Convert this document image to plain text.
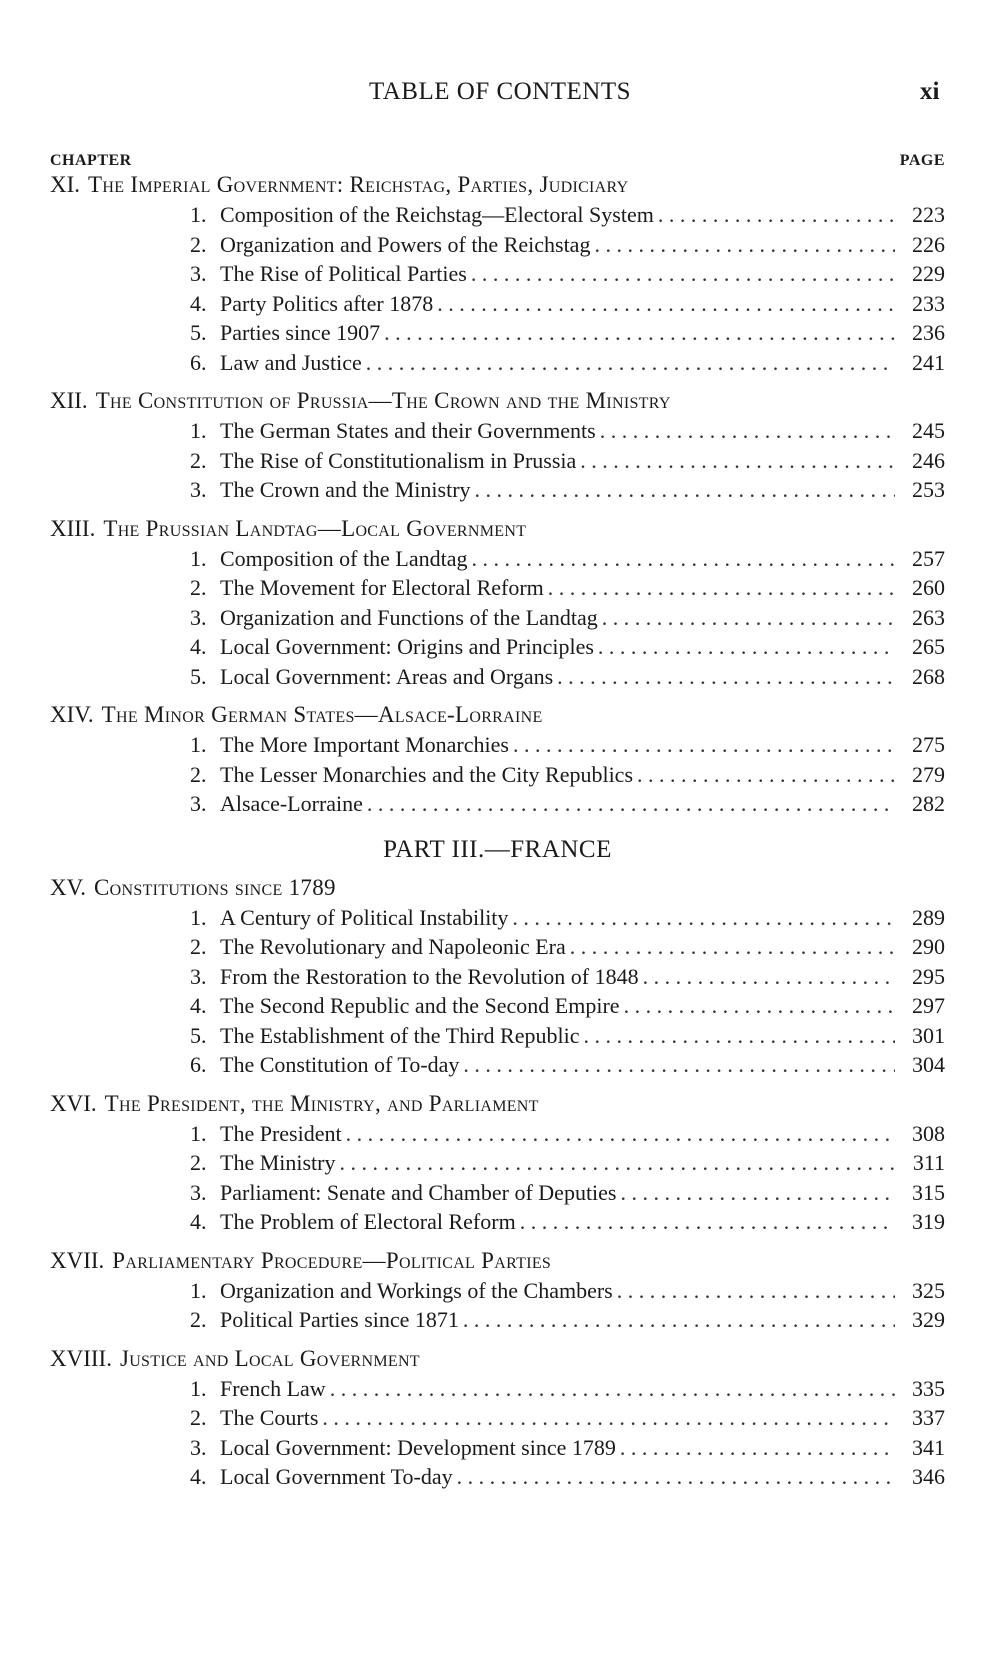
TABLE OF CONTENTS	xi
CHAPTER	PAGE
XI. The Imperial Government: Reichstag, Parties, Judiciary
1. Composition of the Reichstag—Electoral System . . .	223
2. Organization and Powers of the Reichstag . . .	226
3. The Rise of Political Parties . . .	229
4. Party Politics after 1878 . . .	233
5. Parties since 1907 . . .	236
6. Law and Justice . . .	241
XII. The Constitution of Prussia—The Crown and the Ministry
1. The German States and their Governments . . .	245
2. The Rise of Constitutionalism in Prussia . . .	246
3. The Crown and the Ministry . . .	253
XIII. The Prussian Landtag—Local Government
1. Composition of the Landtag . . .	257
2. The Movement for Electoral Reform . . .	260
3. Organization and Functions of the Landtag . . .	263
4. Local Government: Origins and Principles . . .	265
5. Local Government: Areas and Organs . . .	268
XIV. The Minor German States—Alsace-Lorraine
1. The More Important Monarchies . . .	275
2. The Lesser Monarchies and the City Republics . . .	279
3. Alsace-Lorraine . . .	282
PART III.—FRANCE
XV. Constitutions since 1789
1. A Century of Political Instability . . .	289
2. The Revolutionary and Napoleonic Era . . .	290
3. From the Restoration to the Revolution of 1848 . . .	295
4. The Second Republic and the Second Empire . . .	297
5. The Establishment of the Third Republic . . .	301
6. The Constitution of To-day . . .	304
XVI. The President, the Ministry, and Parliament
1. The President . . .	308
2. The Ministry . . .	311
3. Parliament: Senate and Chamber of Deputies . . .	315
4. The Problem of Electoral Reform . . .	319
XVII. Parliamentary Procedure—Political Parties
1. Organization and Workings of the Chambers . . .	325
2. Political Parties since 1871 . . .	329
XVIII. Justice and Local Government
1. French Law . . .	335
2. The Courts . . .	337
3. Local Government: Development since 1789 . . .	341
4. Local Government To-day . . .	346
